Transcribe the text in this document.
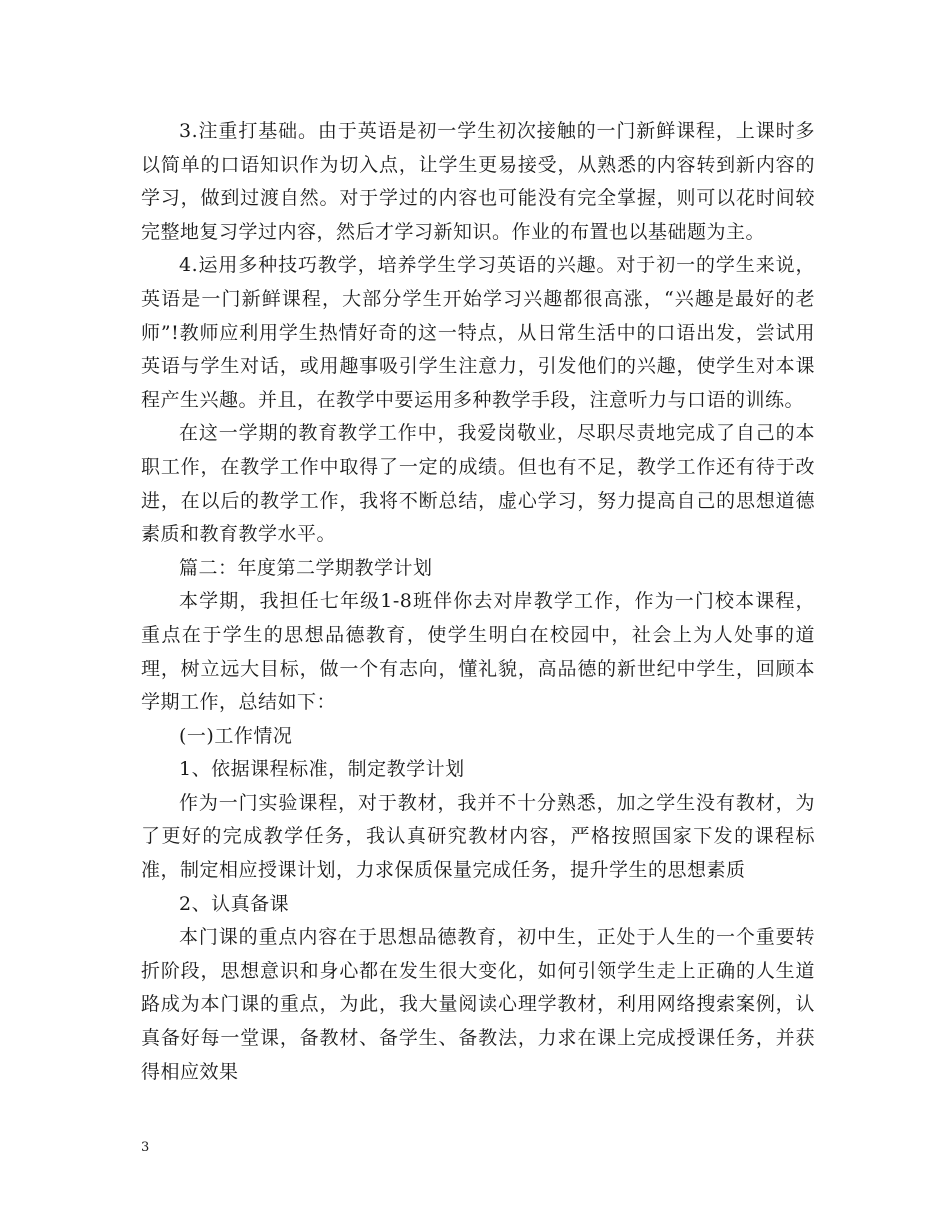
3.注重打基础。由于英语是初一学生初次接触的一门新鲜课程，上课时多以简单的口语知识作为切入点，让学生更易接受，从熟悉的内容转到新内容的学习，做到过渡自然。对于学过的内容也可能没有完全掌握，则可以花时间较完整地复习学过内容，然后才学习新知识。作业的布置也以基础题为主。

4.运用多种技巧教学，培养学生学习英语的兴趣。对于初一的学生来说，英语是一门新鲜课程，大部分学生开始学习兴趣都很高涨，“兴趣是最好的老师”!教师应利用学生热情好奇的这一特点，从日常生活中的口语出发，尝试用英语与学生对话，或用趣事吸引学生注意力，引发他们的兴趣，使学生对本课程产生兴趣。并且，在教学中要运用多种教学手段，注意听力与口语的训练。

在这一学期的教育教学工作中，我爱岗敬业，尽职尽责地完成了自己的本职工作，在教学工作中取得了一定的成绩。但也有不足，教学工作还有待于改进，在以后的教学工作，我将不断总结，虚心学习，努力提高自己的思想道德素质和教育教学水平。

篇二：年度第二学期教学计划

本学期，我担任七年级1-8班伴你去对岸教学工作，作为一门校本课程，重点在于学生的思想品德教育，使学生明白在校园中，社会上为人处事的道理，树立远大目标，做一个有志向，懂礼貌，高品德的新世纪中学生，回顾本学期工作，总结如下：

(一)工作情况

1、依据课程标准，制定教学计划

作为一门实验课程，对于教材，我并不十分熟悉，加之学生没有教材，为了更好的完成教学任务，我认真研究教材内容，严格按照国家下发的课程标准，制定相应授课计划，力求保质保量完成任务，提升学生的思想素质

2、认真备课

本门课的重点内容在于思想品德教育，初中生，正处于人生的一个重要转折阶段，思想意识和身心都在发生很大变化，如何引领学生走上正确的人生道路成为本门课的重点，为此，我大量阅读心理学教材，利用网络搜索案例，认真备好每一堂课，备教材、备学生、备教法，力求在课上完成授课任务，并获得相应效果

3
